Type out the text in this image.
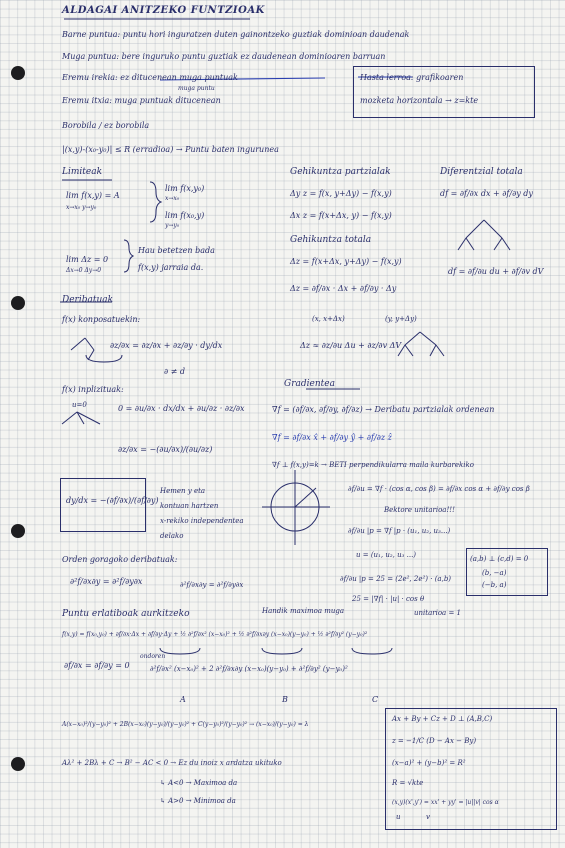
ALDAGAI ANITZEKO FUNTZIOAK
Barne puntua: puntu hori inguratzen duten gainontzeko guztiak dominioan daudenak
Muga puntua: bere inguruko puntu guztiak ez daudenean dominioaren barruan
Eremu irekia: ez ditucenean muga puntuak
muga puntu
Eremu itxia: muga puntuak ditucenean
Hasta lerroa: grafikoaren
mozketa horizontala → z=kte
Borobila / ez borobila
|(x,y)-(x₀-y₀)| ≤ R (erradioa) → Puntu baten ingurunea
Limiteak
lim f(x,y) = A
x→x₀ y→y₀
lim f(x,y₀)
x→x₀
lim f(x₀,y)
y→y₀
lim Δz = 0
Δx→0 Δy→0
Hau betetzen bada
f(x,y) jarraia da.
Gehikuntza partzialak
Δy z = f(x, y+Δy) − f(x,y)
Δx z = f(x+Δx, y) − f(x,y)
Gehikuntza totala
Δz = f(x+Δx, y+Δy) − f(x,y)
Δz = ∂f/∂x · Δx + ∂f/∂y · Δy
(x, x+Δx)	(y, y+Δy)
Δz ≈ ∂z/∂u Δu + ∂z/∂v ΔV
Diferentzial totala
df = ∂f/∂x dx + ∂f/∂y dy
df = ∂f/∂u du + ∂f/∂v dV
Deribatuak
f(x) konposatuekin:
∂z/∂x = ∂z/∂x + ∂z/∂y · dy/dx
∂ ≠ d
f(x) inplizituak:
u=0	0 = ∂u/∂x · dx/dx + ∂u/∂z · ∂z/∂x
∂z/∂x = −(∂u/∂x)/(∂u/∂z)
dy/dx = −(∂f/∂x)/(∂f/∂y)
Hemen y eta
kontuan hartzen
x-rekiko independentea
delako
Gradientea
∇f = (∂f/∂x, ∂f/∂y, ∂f/∂z) → Deribatu partzialak ordenean
∇f = ∂f/∂x x̂ + ∂f/∂y ŷ + ∂f/∂z ẑ
∇f ⊥ f(x,y)=k → BETI perpendikularra maila kurbarekiko
∂f/∂u = ∇f · (cos α, cos β) = ∂f/∂x cos α + ∂f/∂y cos β
Bektore unitarioa!!!
∂f/∂u |p = ∇f |p · (u₁, u₂, u₃...)
u = (u₁, u₂, u₃ ...)
∂f/∂u |p = 25 = (2e², 2e²) · (a,b)
25 = |∇f| · |u| · cos θ
unitarioa = 1
Handik maximoa muga
(a,b) ⊥ (c,d) = 0
(b, −a)
(−b, a)
Orden goragoko deribatuak:
∂²f/∂x∂y = ∂²f/∂y∂x	∂²f/∂x∂y = ∂²f/∂y∂x
Puntu erlatiboak aurkitzeko
f(x,y) = f(x₀,y₀) + ∂f/∂x·Δx + ∂f/∂y·Δy + ½ ∂²f/∂x² (x−x₀)² + ½ ∂²f/∂x∂y (x−x₀)(y−y₀) + ½ ∂²f/∂y² (y−y₀)²
∂f/∂x = ∂f/∂y = 0
ondoren
∂²f/∂x² (x−x₀)² + 2 ∂²f/∂x∂y (x−x₀)(y−y₀) + ∂²f/∂y² (y−y₀)²
A	B	C
A(x−x₀)²/(y−y₀)² + 2B(x−x₀)(y−y₀)/(y−y₀)² + C(y−y₀)²/(y−y₀)² → (x−x₀)/(y−y₀) = λ
Aλ² + 2Bλ + C → B² − AC < 0 → Ez du inoiz x ardatza ukituko
↳ A<0 → Maximoa da
↳ A>0 → Minimoa da
Ax + By + Cz + D ⊥ (A,B,C)
z = −1/C (D − Ax − By)
(x−a)² + (y−b)² = R²
R = √kte
(x,y)(x',y') = xx' + yy' = |u||v| cos α
u	v
